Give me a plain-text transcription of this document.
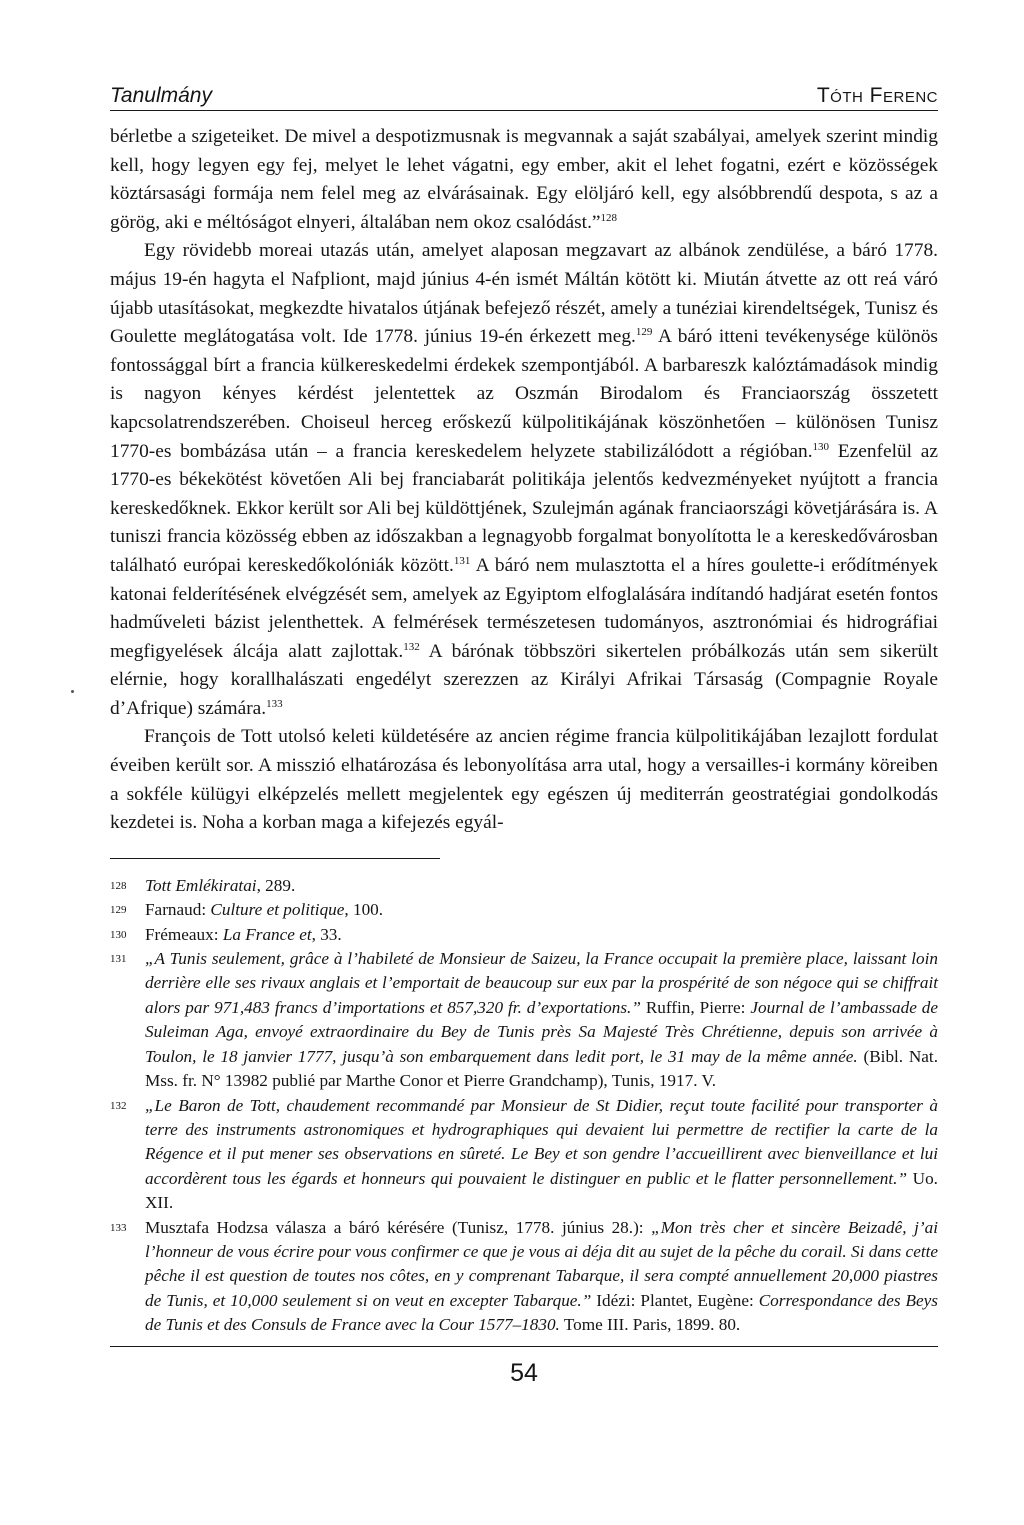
Tanulmány	Tóth Ferenc

bérletbe a szigeteiket. De mivel a despotizmusnak is megvannak a saját szabályai, amelyek szerint mindig kell, hogy legyen egy fej, melyet le lehet vágatni, egy ember, akit el lehet fogatni, ezért e közösségek köztársasági formája nem felel meg az elvárásainak. Egy elöljáró kell, egy alsóbbrendű despota, s az a görög, aki e méltóságot elnyeri, általában nem okoz csalódást.”$^{128}$

Egy rövidebb moreai utazás után, amelyet alaposan megzavart az albánok zendülése, a báró 1778. május 19-én hagyta el Nafpliont, majd június 4-én ismét Máltán kötött ki. Miután átvette az ott reá váró újabb utasításokat, megkezdte hivatalos útjának befejező részét, amely a tunéziai kirendeltségek, Tunisz és Goulette meglátogatása volt. Ide 1778. június 19-én érkezett meg.$^{129}$ A báró itteni tevékenysége különös fontossággal bírt a francia külkereskedelmi érdekek szempontjából. A barbareszk kalóztámadások mindig is nagyon kényes kérdést jelentettek az Oszmán Birodalom és Franciaország összetett kapcsolatrendszerében. Choiseul herceg erőskezű külpolitikájának köszönhetően – különösen Tunisz 1770-es bombázása után – a francia kereskedelem helyzete stabilizálódott a régióban.$^{130}$ Ezenfelül az 1770-es békekötést követően Ali bej franciabarát politikája jelentős kedvezményeket nyújtott a francia kereskedőknek. Ekkor került sor Ali bej küldöttjének, Szulejmán agának franciaországi követjárására is. A tuniszi francia közösség ebben az időszakban a legnagyobb forgalmat bonyolította le a kereskedővárosban található európai kereskedőkolóniák között.$^{131}$ A báró nem mulasztotta el a híres goulette-i erődítmények katonai felderítésének elvégzését sem, amelyek az Egyiptom elfoglalására indítandó hadjárat esetén fontos hadműveleti bázist jelenthettek. A felmérések természetesen tudományos, asztronómiai és hidrográfiai megfigyelések álcája alatt zajlottak.$^{132}$ A bárónak többszöri sikertelen próbálkozás után sem sikerült elérnie, hogy korallhalászati engedélyt szerezzen az Királyi Afrikai Társaság (Compagnie Royale d’Afrique) számára.$^{133}$

François de Tott utolsó keleti küldetésére az ancien régime francia külpolitikájában lezajlott fordulat éveiben került sor. A misszió elhatározása és lebonyolítása arra utal, hogy a versailles-i kormány köreiben a sokféle külügyi elképzelés mellett megjelentek egy egészen új mediterrán geostratégiai gondolkodás kezdetei is. Noha a korban maga a kifejezés egyál-

128	Tott Emlékiratai, 289.
129	Farnaud: Culture et politique, 100.
130	Frémeaux: La France et, 33.
131	„A Tunis seulement, grâce à l’habileté de Monsieur de Saizeu, la France occupait la première place, laissant loin derrière elle ses rivaux anglais et l’emportait de beaucoup sur eux par la prospérité de son négoce qui se chiffrait alors par 971,483 francs d’importations et 857,320 fr. d’exportations.” Ruffin, Pierre: Journal de l’ambassade de Suleiman Aga, envoyé extraordinaire du Bey de Tunis près Sa Majesté Très Chrétienne, depuis son arrivée à Toulon, le 18 janvier 1777, jusqu’à son embarquement dans ledit port, le 31 may de la même année. (Bibl. Nat. Mss. fr. N° 13982 publié par Marthe Conor et Pierre Grandchamp), Tunis, 1917. V.
132	„Le Baron de Tott, chaudement recommandé par Monsieur de St Didier, reçut toute facilité pour transporter à terre des instruments astronomiques et hydrographiques qui devaient lui permettre de rectifier la carte de la Régence et il put mener ses observations en sûreté. Le Bey et son gendre l’accueillirent avec bienveillance et lui accordèrent tous les égards et honneurs qui pouvaient le distinguer en public et le flatter personnellement.” Uo. XII.
133	Musztafa Hodzsa válasza a báró kérésére (Tunisz, 1778. június 28.): „Mon très cher et sincère Beizadê, j’ai l’honneur de vous écrire pour vous confirmer ce que je vous ai déja dit au sujet de la pêche du corail. Si dans cette pêche il est question de toutes nos côtes, en y comprenant Tabarque, il sera compté annuellement 20,000 piastres de Tunis, et 10,000 seulement si on veut en excepter Tabarque.” Idézi: Plantet, Eugène: Correspondance des Beys de Tunis et des Consuls de France avec la Cour 1577–1830. Tome III. Paris, 1899. 80.
54
